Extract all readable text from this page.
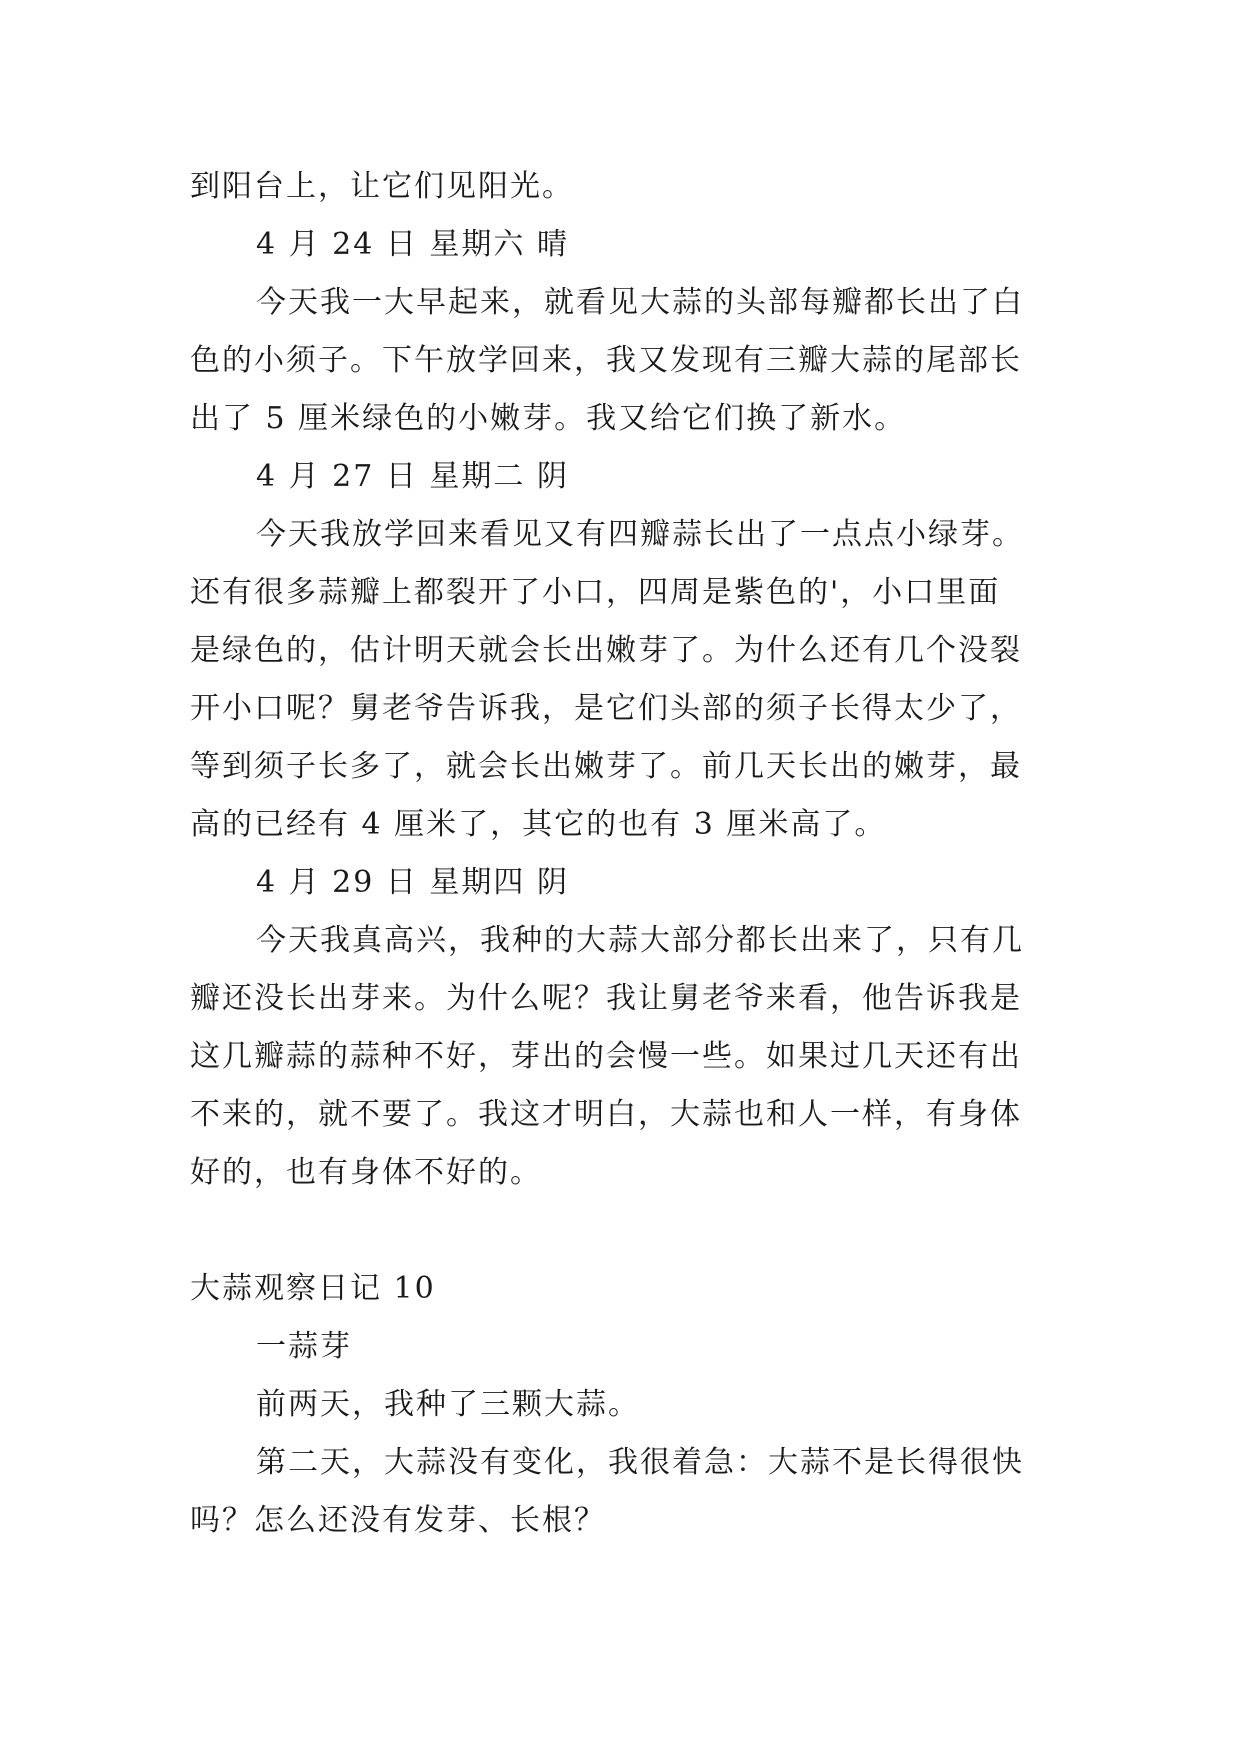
到阳台上，让它们见阳光。
4 月 24 日 星期六 晴
今天我一大早起来，就看见大蒜的头部每瓣都长出了白
色的小须子。下午放学回来，我又发现有三瓣大蒜的尾部长
出了 5 厘米绿色的小嫩芽。我又给它们换了新水。
4 月 27 日 星期二 阴
今天我放学回来看见又有四瓣蒜长出了一点点小绿芽。
还有很多蒜瓣上都裂开了小口，四周是紫色的'，小口里面
是绿色的，估计明天就会长出嫩芽了。为什么还有几个没裂
开小口呢？舅老爷告诉我，是它们头部的须子长得太少了，
等到须子长多了，就会长出嫩芽了。前几天长出的嫩芽，最
高的已经有 4 厘米了，其它的也有 3 厘米高了。
4 月 29 日 星期四 阴
今天我真高兴，我种的大蒜大部分都长出来了，只有几
瓣还没长出芽来。为什么呢？我让舅老爷来看，他告诉我是
这几瓣蒜的蒜种不好，芽出的会慢一些。如果过几天还有出
不来的，就不要了。我这才明白，大蒜也和人一样，有身体
好的，也有身体不好的。
大蒜观察日记 10
一蒜芽
前两天，我种了三颗大蒜。
第二天，大蒜没有变化，我很着急：大蒜不是长得很快
吗？怎么还没有发芽、长根？
